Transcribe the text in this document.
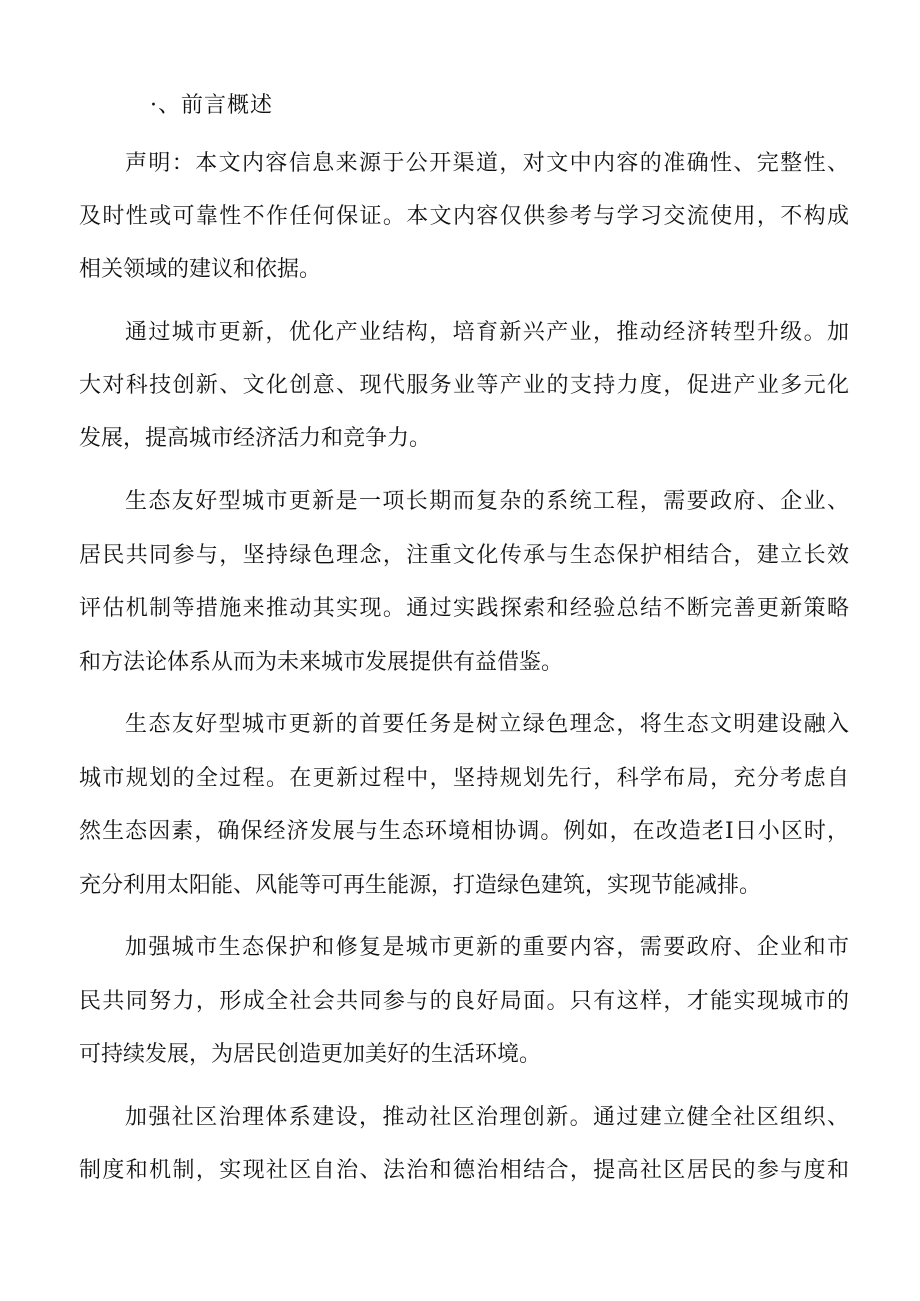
·、前言概述
声明：本文内容信息来源于公开渠道，对文中内容的准确性、完整性、
及时性或可靠性不作任何保证。本文内容仅供参考与学习交流使用，不构成
相关领域的建议和依据。
通过城市更新，优化产业结构，培育新兴产业，推动经济转型升级。加
大对科技创新、文化创意、现代服务业等产业的支持力度，促进产业多元化
发展，提高城市经济活力和竞争力。
生态友好型城市更新是一项长期而复杂的系统工程，需要政府、企业、
居民共同参与，坚持绿色理念，注重文化传承与生态保护相结合，建立长效
评估机制等措施来推动其实现。通过实践探索和经验总结不断完善更新策略
和方法论体系从而为未来城市发展提供有益借鉴。
生态友好型城市更新的首要任务是树立绿色理念，将生态文明建设融入
城市规划的全过程。在更新过程中，坚持规划先行，科学布局，充分考虑自
然生态因素，确保经济发展与生态环境相协调。例如，在改造老I日小区时，
充分利用太阳能、风能等可再生能源，打造绿色建筑，实现节能减排。
加强城市生态保护和修复是城市更新的重要内容，需要政府、企业和市
民共同努力，形成全社会共同参与的良好局面。只有这样，才能实现城市的
可持续发展，为居民创造更加美好的生活环境。
加强社区治理体系建设，推动社区治理创新。通过建立健全社区组织、
制度和机制，实现社区自治、法治和德治相结合，提高社区居民的参与度和
